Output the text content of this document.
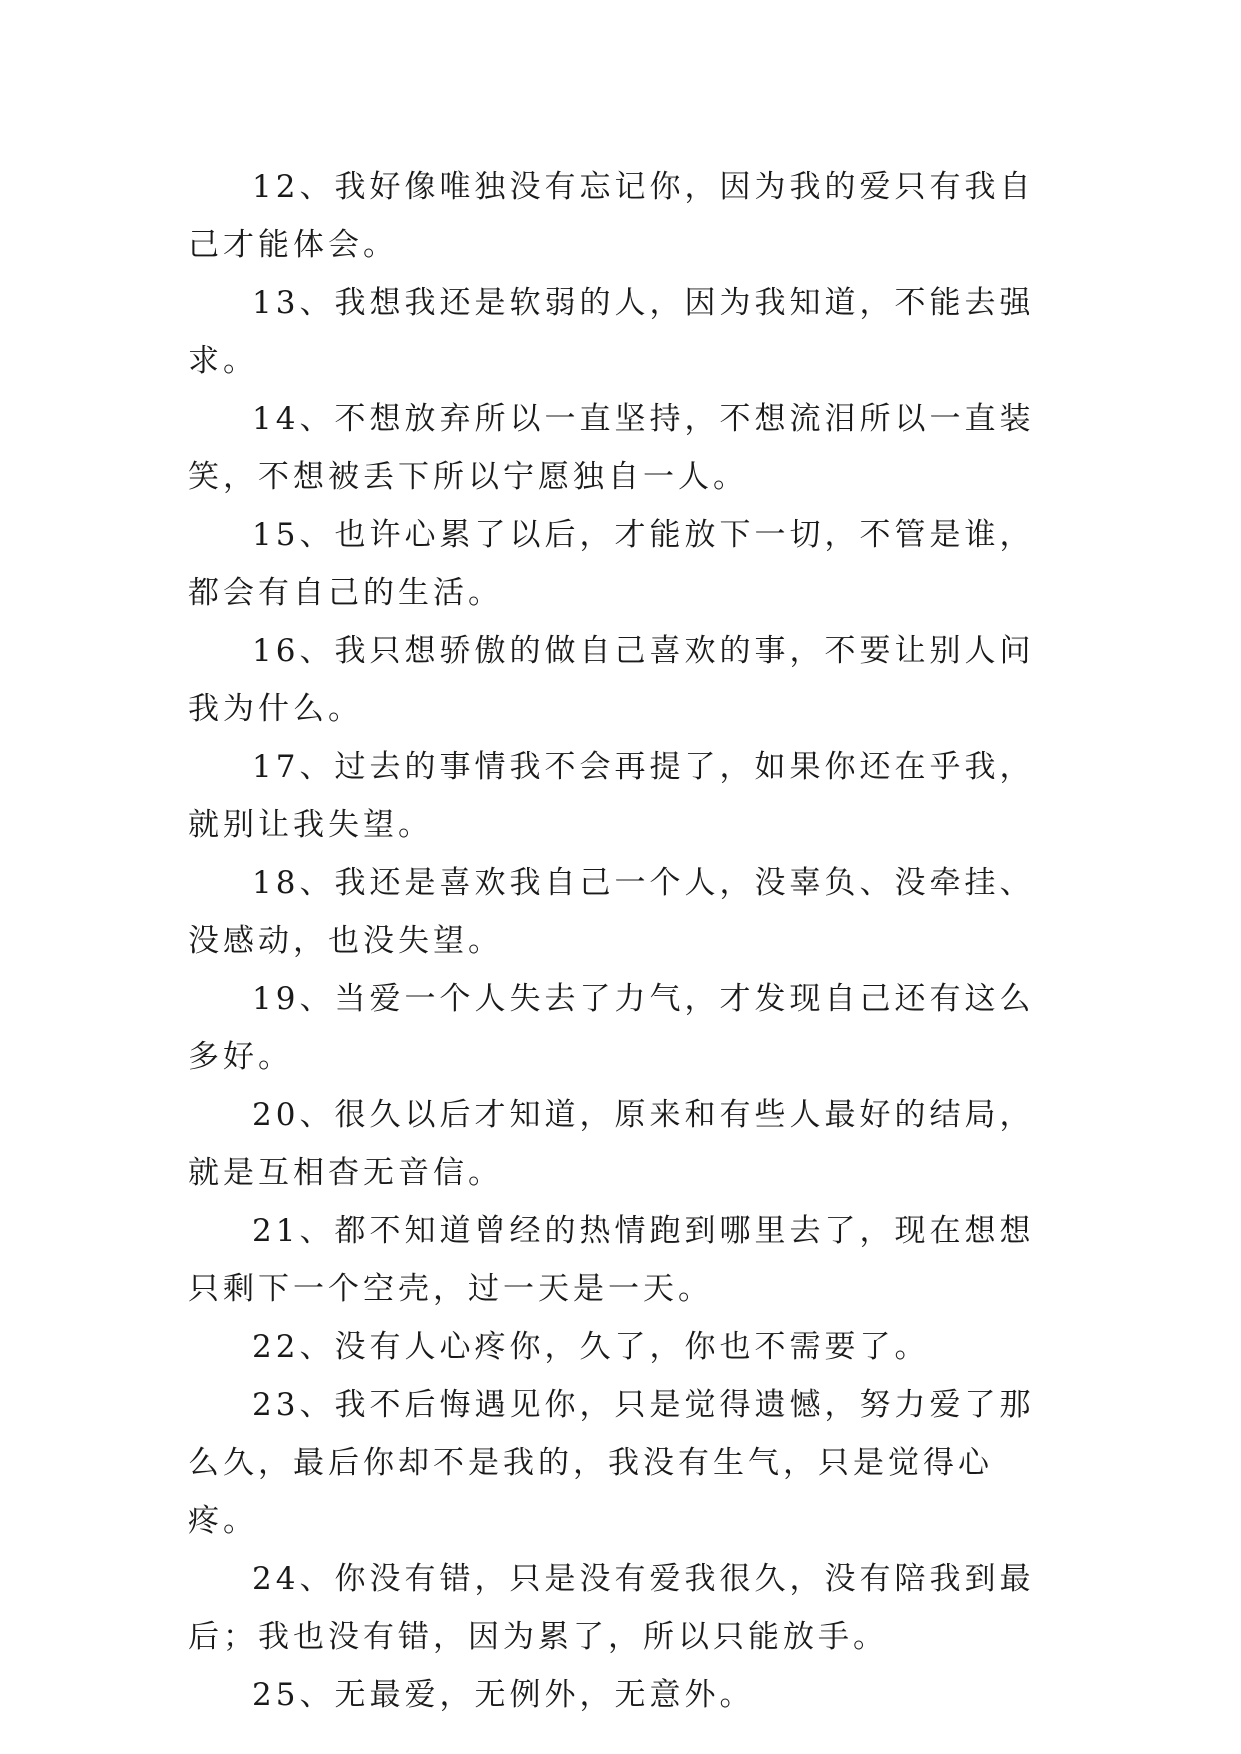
12、我好像唯独没有忘记你，因为我的爱只有我自己才能体会。

13、我想我还是软弱的人，因为我知道，不能去强求。

14、不想放弃所以一直坚持，不想流泪所以一直装笑，不想被丢下所以宁愿独自一人。

15、也许心累了以后，才能放下一切，不管是谁，都会有自己的生活。

16、我只想骄傲的做自己喜欢的事，不要让别人问我为什么。

17、过去的事情我不会再提了，如果你还在乎我，就别让我失望。

18、我还是喜欢我自己一个人，没辜负、没牵挂、没感动，也没失望。

19、当爱一个人失去了力气，才发现自己还有这么多好。

20、很久以后才知道，原来和有些人最好的结局，就是互相杳无音信。

21、都不知道曾经的热情跑到哪里去了，现在想想只剩下一个空壳，过一天是一天。

22、没有人心疼你，久了，你也不需要了。

23、我不后悔遇见你，只是觉得遗憾，努力爱了那么久，最后你却不是我的，我没有生气，只是觉得心疼。

24、你没有错，只是没有爱我很久，没有陪我到最后；我也没有错，因为累了，所以只能放手。

25、无最爱，无例外，无意外。
